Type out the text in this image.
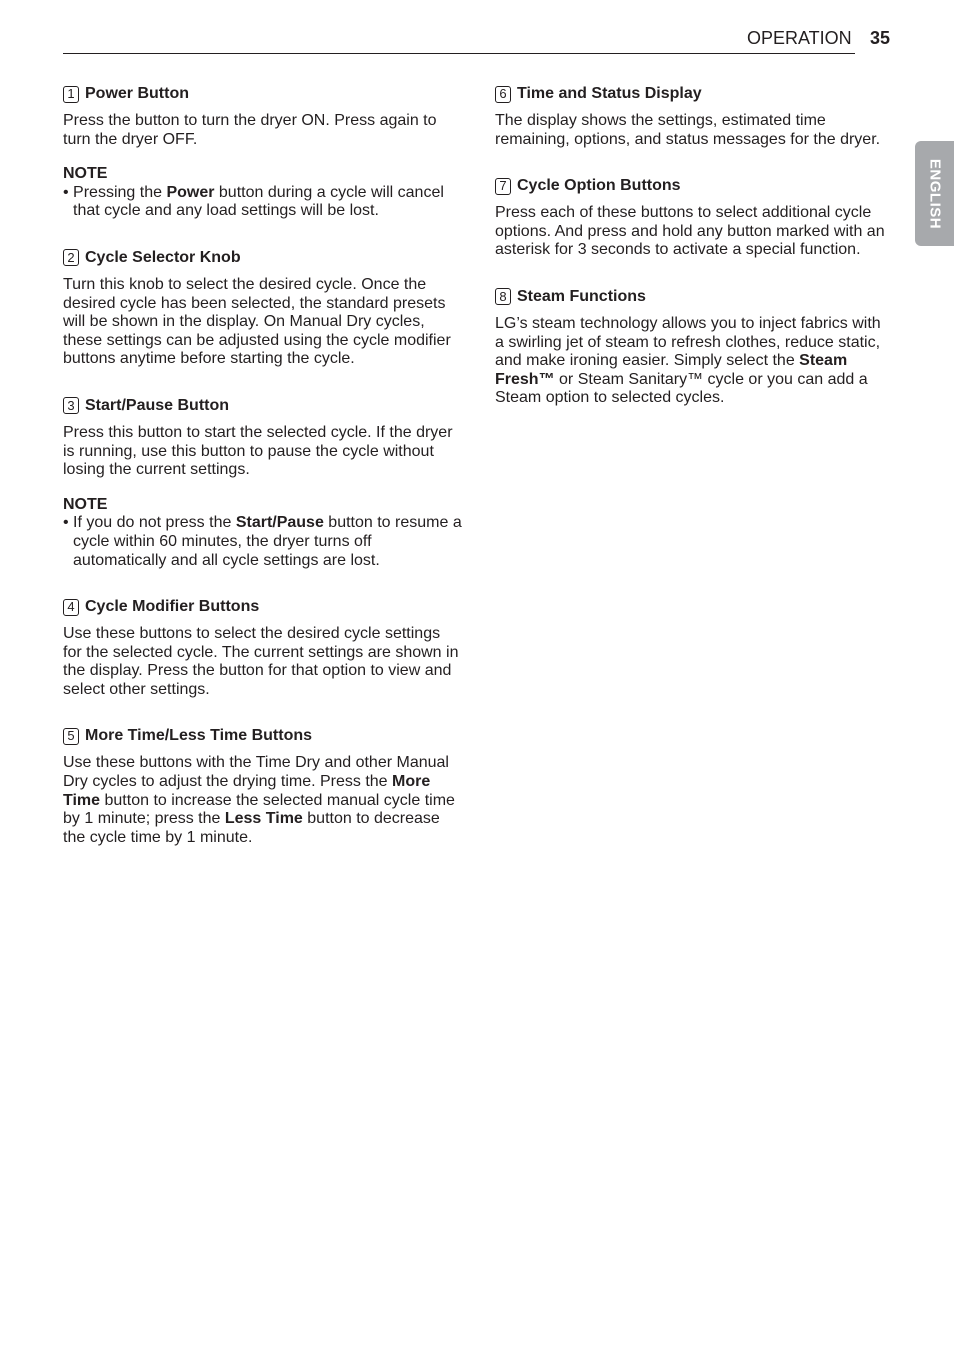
OPERATION 35
ENGLISH
1 Power Button
Press the button to turn the dryer ON. Press again to turn the dryer OFF.
NOTE
• Pressing the Power button during a cycle will cancel that cycle and any load settings will be lost.
2 Cycle Selector Knob
Turn this knob to select the desired cycle. Once the desired cycle has been selected, the standard presets will be shown in the display. On Manual Dry cycles, these settings can be adjusted using the cycle modifier buttons anytime before starting the cycle.
3 Start/Pause Button
Press this button to start the selected cycle. If the dryer is running, use this button to pause the cycle without losing the current settings.
NOTE
• If you do not press the Start/Pause button to resume a cycle within 60 minutes, the dryer turns off automatically and all cycle settings are lost.
4 Cycle Modifier Buttons
Use these buttons to select the desired cycle settings for the selected cycle. The current settings are shown in the display. Press the button for that option to view and select other settings.
5 More Time/Less Time Buttons
Use these buttons with the Time Dry and other Manual Dry cycles to adjust the drying time. Press the More Time button to increase the selected manual cycle time by 1 minute; press the Less Time button to decrease the cycle time by 1 minute.
6 Time and Status Display
The display shows the settings, estimated time remaining, options, and status messages for the dryer.
7 Cycle Option Buttons
Press each of these buttons to select additional cycle options. And press and hold any button marked with an asterisk for 3 seconds to activate a special function.
8 Steam Functions
LG’s steam technology allows you to inject fabrics with a swirling jet of steam to refresh clothes, reduce static, and make ironing easier. Simply select the Steam Fresh™ or Steam Sanitary™ cycle or you can add a Steam option to selected cycles.
